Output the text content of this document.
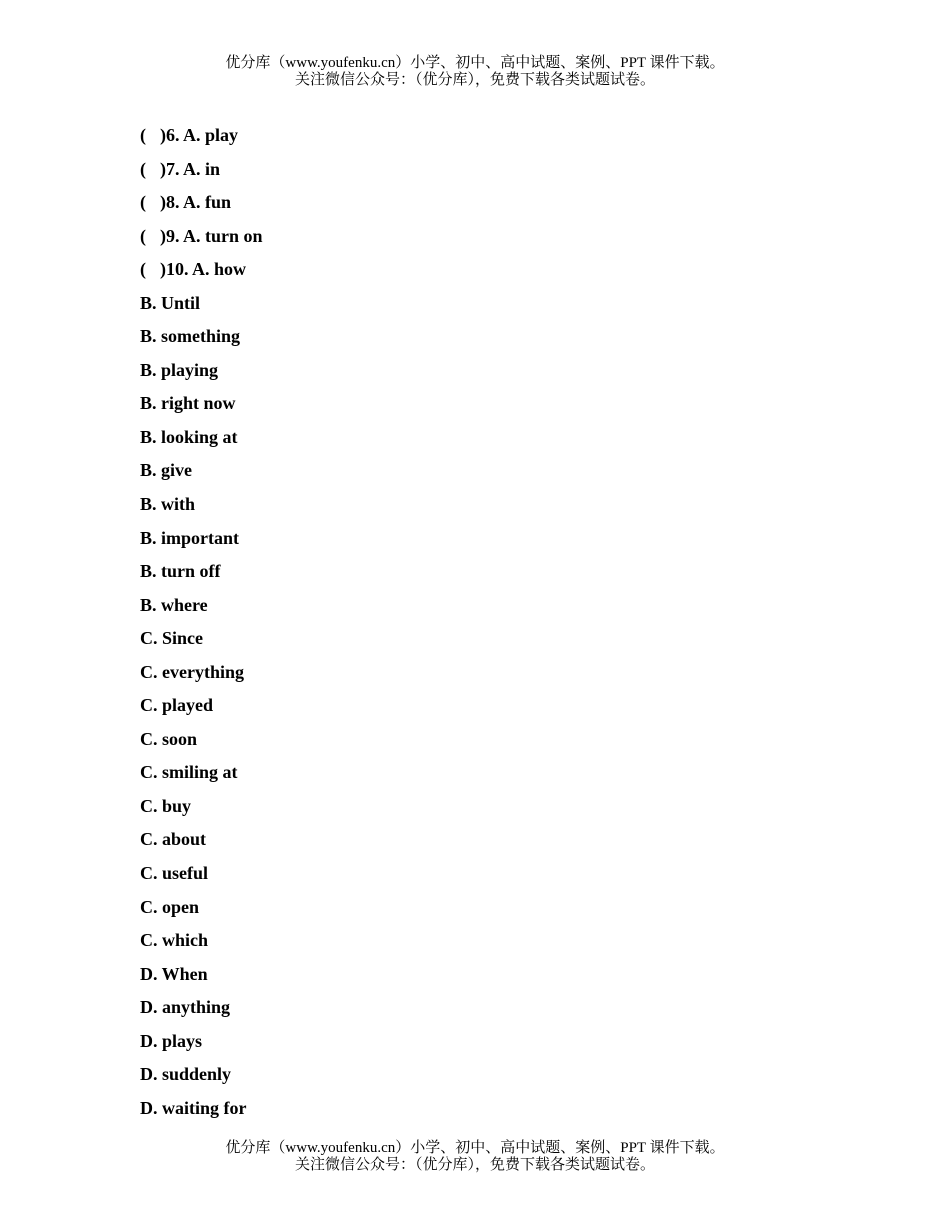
优分库（www.youfenku.cn）小学、初中、高中试题、案例、PPT 课件下载。
关注微信公众号：（优分库），免费下载各类试题试卷。
( )6. A. play
( )7. A. in
( )8. A. fun
( )9. A. turn on
( )10. A. how
B. Until
B. something
B. playing
B. right now
B. looking at
B. give
B. with
B. important
B. turn off
B. where
C. Since
C. everything
C. played
C. soon
C. smiling at
C. buy
C. about
C. useful
C. open
C. which
D. When
D. anything
D. plays
D. suddenly
D. waiting for
优分库（www.youfenku.cn）小学、初中、高中试题、案例、PPT 课件下载。
关注微信公众号：（优分库），免费下载各类试题试卷。
